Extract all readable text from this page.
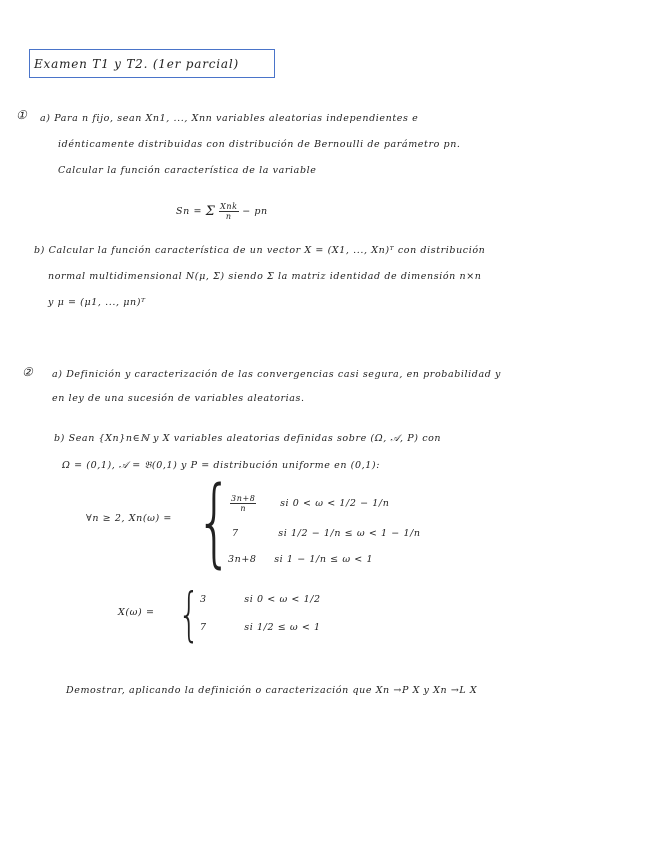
Examen T1 y T2. (1er parcial)
① a) Para n fijo, sean Xn1, ..., Xnn variables aleatorias independientes e
idénticamente distribuidas con distribución de Bernoulli de parámetro pn.
Calcular la función característica de la variable
Sn = Σ $\frac{\text{Xnk}}{n}$ − pn
b) Calcular la función característica de un vector X = (X1, ..., Xn)ᵀ con distribución
normal multidimensional N(μ, Σ) siendo Σ la matriz identidad de dimensión n×n
y μ = (μ1, ..., μn)ᵀ
② a) Definición y caracterización de las convergencias casi segura, en probabilidad y
en ley de una sucesión de variables aleatorias.
b) Sean {Xn}n∈ℕ y X variables aleatorias definidas sobre (Ω, 𝒜, P) con
Ω = (0,1), 𝒜 = 𝔅(0,1) y P = distribución uniforme en (0,1):
∀n ≥ 2, Xn(ω) = {
$\frac{3n+8}{n}$ si 0 < ω < 1/2 − 1/n
7	si 1/2 − 1/n ≤ ω < 1 − 1/n
3n+8 si 1 − 1/n ≤ ω < 1
X(ω) = { 3	si 0 < ω < 1/2
7	si 1/2 ≤ ω < 1
Demostrar, aplicando la definición o caracterización que Xn →P X y Xn →L X
